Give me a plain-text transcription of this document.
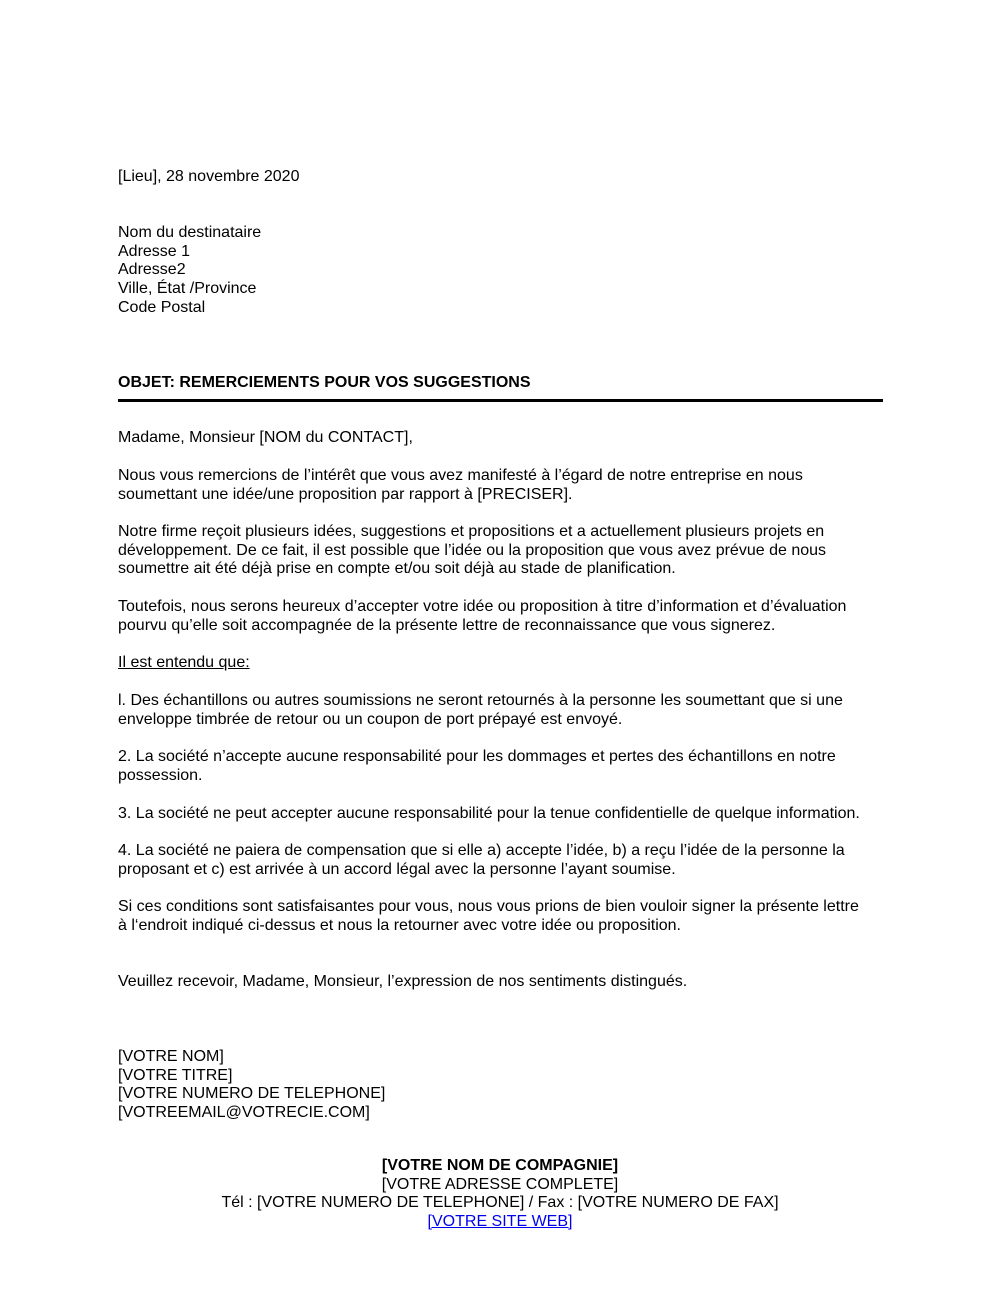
[Lieu], 28 novembre 2020
Nom du destinataire
Adresse 1
Adresse2
Ville, État /Province
Code Postal
OBJET: REMERCIEMENTS POUR VOS SUGGESTIONS
Madame, Monsieur [NOM du CONTACT],
Nous vous remercions de l’intérêt que vous avez manifesté à l’égard de notre entreprise en nous
soumettant une idée/une proposition par rapport à [PRECISER].
Notre firme reçoit plusieurs idées, suggestions et propositions et a actuellement plusieurs projets en
développement. De ce fait, il est possible que l’idée ou la proposition que vous avez prévue de nous
soumettre ait été déjà prise en compte et/ou soit déjà au stade de planification.
Toutefois, nous serons heureux d’accepter votre idée ou proposition à titre d’information et d’évaluation
pourvu qu’elle soit accompagnée de la présente lettre de reconnaissance que vous signerez.
Il est entendu que:
l. Des échantillons ou autres soumissions ne seront retournés à la personne les soumettant que si une
enveloppe timbrée de retour ou un coupon de port prépayé est envoyé.
2. La société n’accepte aucune responsabilité pour les dommages et pertes des échantillons en notre
possession.
3. La société ne peut accepter aucune responsabilité pour la tenue confidentielle de quelque information.
4. La société ne paiera de compensation que si elle a) accepte l’idée, b) a reçu l’idée de la personne la
proposant et c) est arrivée à un accord légal avec la personne l’ayant soumise.
Si ces conditions sont satisfaisantes pour vous, nous vous prions de bien vouloir signer la présente lettre
à l‘endroit indiqué ci-dessus et nous la retourner avec votre idée ou proposition.
Veuillez recevoir, Madame, Monsieur, l’expression de nos sentiments distingués.
[VOTRE NOM]
[VOTRE TITRE]
[VOTRE NUMERO DE TELEPHONE]
[VOTREEMAIL@VOTRECIE.COM]
[VOTRE NOM DE COMPAGNIE]
[VOTRE ADRESSE COMPLETE]
Tél : [VOTRE NUMERO DE TELEPHONE] / Fax : [VOTRE NUMERO DE FAX]
[VOTRE SITE WEB]
